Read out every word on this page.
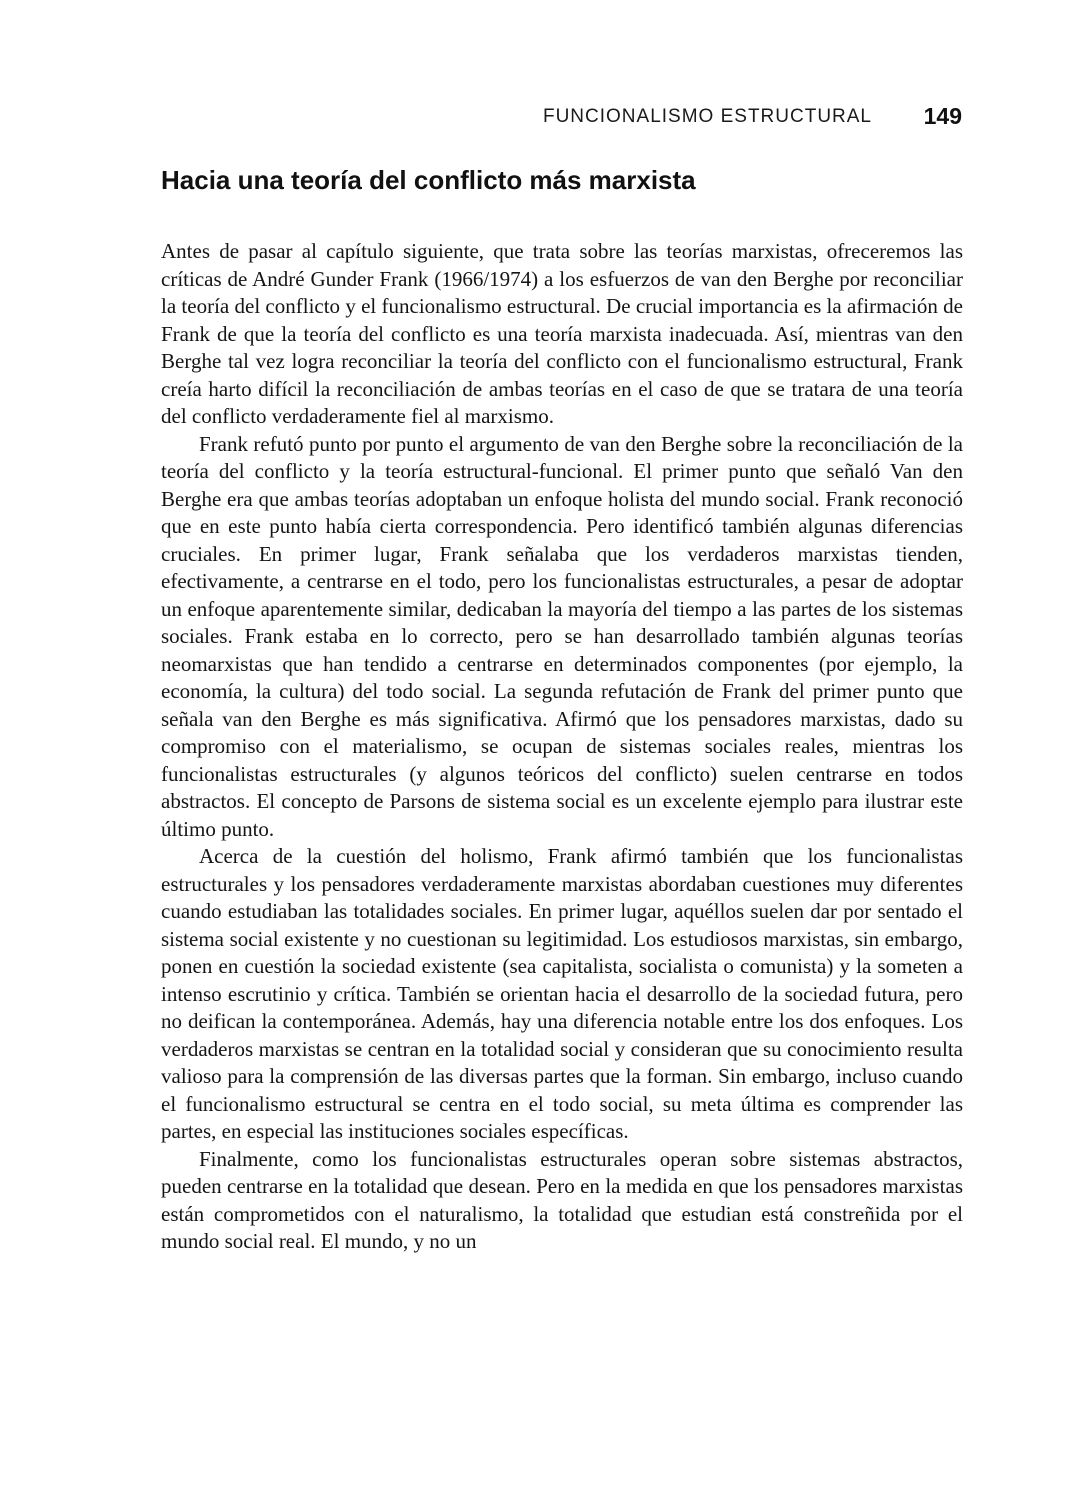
FUNCIONALISMO ESTRUCTURAL 149
Hacia una teoría del conflicto más marxista

Antes de pasar al capítulo siguiente, que trata sobre las teorías marxistas, ofreceremos las críticas de André Gunder Frank (1966/1974) a los esfuerzos de van den Berghe por reconciliar la teoría del conflicto y el funcionalismo estructural. De crucial importancia es la afirmación de Frank de que la teoría del conflicto es una teoría marxista inadecuada. Así, mientras van den Berghe tal vez logra reconciliar la teoría del conflicto con el funcionalismo estructural, Frank creía harto difícil la reconciliación de ambas teorías en el caso de que se tratara de una teoría del conflicto verdaderamente fiel al marxismo.

Frank refutó punto por punto el argumento de van den Berghe sobre la reconciliación de la teoría del conflicto y la teoría estructural-funcional. El primer punto que señaló Van den Berghe era que ambas teorías adoptaban un enfoque holista del mundo social. Frank reconoció que en este punto había cierta correspondencia. Pero identificó también algunas diferencias cruciales. En primer lugar, Frank señalaba que los verdaderos marxistas tienden, efectivamente, a centrarse en el todo, pero los funcionalistas estructurales, a pesar de adoptar un enfoque aparentemente similar, dedicaban la mayoría del tiempo a las partes de los sistemas sociales. Frank estaba en lo correcto, pero se han desarrollado también algunas teorías neomarxistas que han tendido a centrarse en determinados componentes (por ejemplo, la economía, la cultura) del todo social. La segunda refutación de Frank del primer punto que señala van den Berghe es más significativa. Afirmó que los pensadores marxistas, dado su compromiso con el materialismo, se ocupan de sistemas sociales reales, mientras los funcionalistas estructurales (y algunos teóricos del conflicto) suelen centrarse en todos abstractos. El concepto de Parsons de sistema social es un excelente ejemplo para ilustrar este último punto.

Acerca de la cuestión del holismo, Frank afirmó también que los funcionalistas estructurales y los pensadores verdaderamente marxistas abordaban cuestiones muy diferentes cuando estudiaban las totalidades sociales. En primer lugar, aquéllos suelen dar por sentado el sistema social existente y no cuestionan su legitimidad. Los estudiosos marxistas, sin embargo, ponen en cuestión la sociedad existente (sea capitalista, socialista o comunista) y la someten a intenso escrutinio y crítica. También se orientan hacia el desarrollo de la sociedad futura, pero no deifican la contemporánea. Además, hay una diferencia notable entre los dos enfoques. Los verdaderos marxistas se centran en la totalidad social y consideran que su conocimiento resulta valioso para la comprensión de las diversas partes que la forman. Sin embargo, incluso cuando el funcionalismo estructural se centra en el todo social, su meta última es comprender las partes, en especial las instituciones sociales específicas.

Finalmente, como los funcionalistas estructurales operan sobre sistemas abstractos, pueden centrarse en la totalidad que desean. Pero en la medida en que los pensadores marxistas están comprometidos con el naturalismo, la totalidad que estudian está constreñida por el mundo social real. El mundo, y no un
